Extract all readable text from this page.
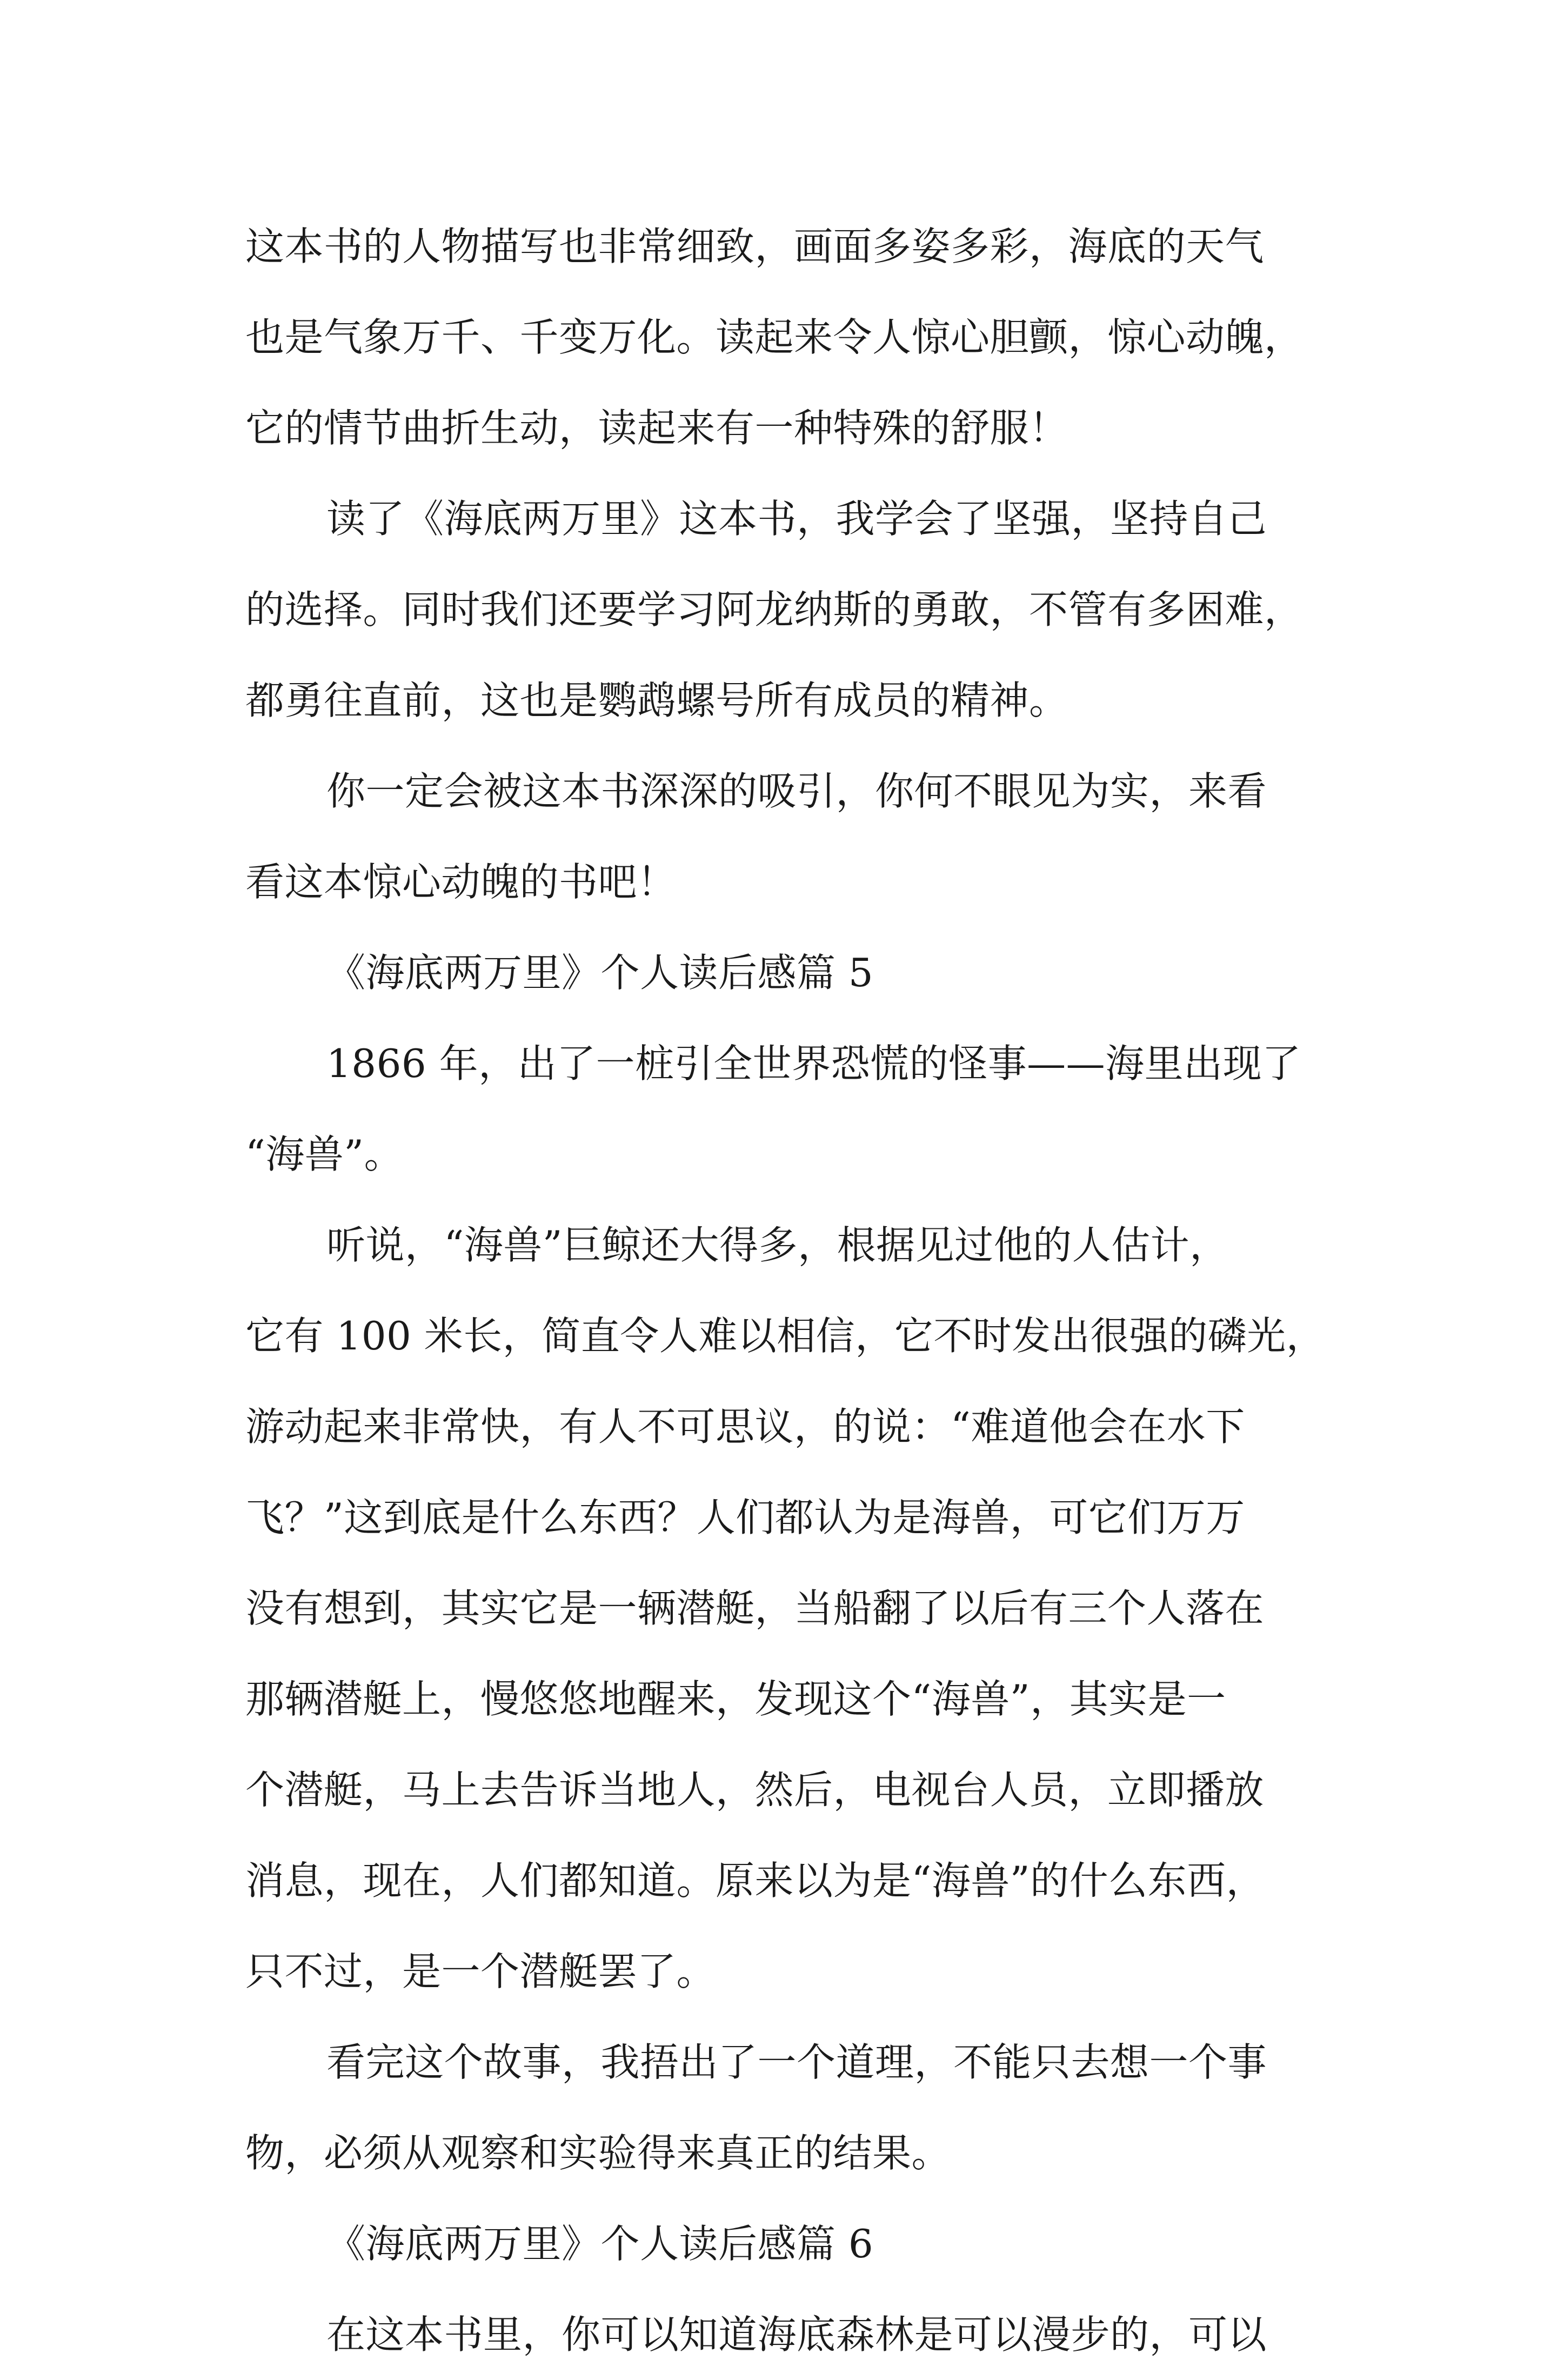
这本书的人物描写也非常细致，画面多姿多彩，海底的天气
也是气象万千、千变万化。读起来令人惊心胆颤，惊心动魄，
它的情节曲折生动，读起来有一种特殊的舒服！
读了《海底两万里》这本书，我学会了坚强，坚持自己
的选择。同时我们还要学习阿龙纳斯的勇敢，不管有多困难，
都勇往直前，这也是鹦鹉螺号所有成员的精神。
你一定会被这本书深深的吸引，你何不眼见为实，来看
看这本惊心动魄的书吧！
《海底两万里》个人读后感篇 5
1866 年，出了一桩引全世界恐慌的怪事——海里出现了
“海兽”。
听说，“海兽”巨鲸还大得多，根据见过他的人估计，
它有 100 米长，简直令人难以相信，它不时发出很强的磷光，
游动起来非常快，有人不可思议，的说：“难道他会在水下
飞？”这到底是什么东西？人们都认为是海兽，可它们万万
没有想到，其实它是一辆潜艇，当船翻了以后有三个人落在
那辆潜艇上，慢悠悠地醒来，发现这个“海兽”，其实是一
个潜艇，马上去告诉当地人，然后，电视台人员，立即播放
消息，现在，人们都知道。原来以为是“海兽”的什么东西，
只不过，是一个潜艇罢了。
看完这个故事，我捂出了一个道理，不能只去想一个事
物，必须从观察和实验得来真正的结果。
《海底两万里》个人读后感篇 6
在这本书里，你可以知道海底森林是可以漫步的，可以
